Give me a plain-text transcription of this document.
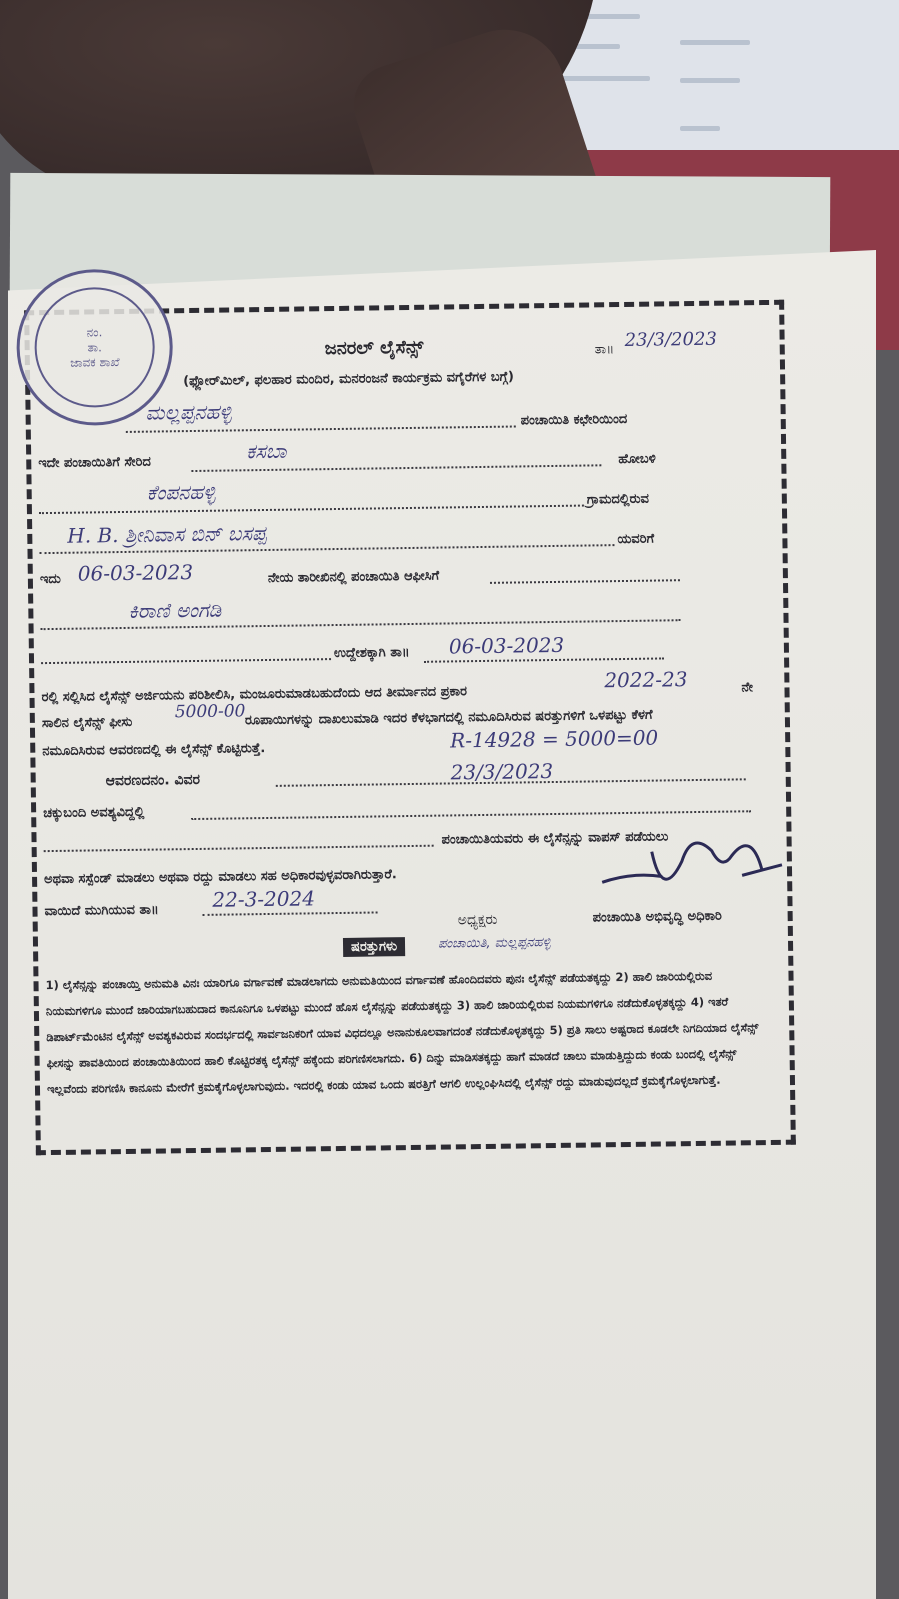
ನಂ.
ತಾ.
ಜಾವಕ ಶಾಖೆ
ಜನರಲ್ ಲೈಸೆನ್ಸ್	ತಾ॥ 23/3/2023
(ಫ್ಲೋರ್‌ಮಿಲ್, ಫಲಹಾರ ಮಂದಿರ, ಮನರಂಜನೆ ಕಾರ್ಯಕ್ರಮ ವಗೈರೆಗಳ ಬಗ್ಗೆ)
ಮಲ್ಲಪ್ಪನಹಳ್ಳಿ	ಪಂಚಾಯಿತಿ ಕಛೇರಿಯಿಂದ
ಇದೇ ಪಂಚಾಯಿತಿಗೆ ಸೇರಿದ	ಕಸಬಾ	ಹೋಬಳಿ
ಕೆಂಪನಹಳ್ಳಿ	ಗ್ರಾಮದಲ್ಲಿರುವ
H. B. ಶ್ರೀನಿವಾಸ ಬಿನ್ ಬಸಪ್ಪ	ಯವರಿಗೆ
ಇದು 06-03-2023	ನೇಯ ತಾರೀಖಿನಲ್ಲಿ ಪಂಚಾಯಿತಿ ಆಫೀಸಿಗೆ
ಕಿರಾಣಿ ಅಂಗಡಿ
ಉದ್ದೇಶಕ್ಕಾಗಿ ತಾ॥ 06-03-2023
ರಲ್ಲಿ ಸಲ್ಲಿಸಿದ ಲೈಸೆನ್ಸ್ ಅರ್ಜಿಯನು ಪರಿಶೀಲಿಸಿ, ಮಂಜೂರುಮಾಡಬಹುದೆಂದು ಆದ ತೀರ್ಮಾನದ ಪ್ರಕಾರ
2022-23	ನೇ
ಸಾಲಿನ ಲೈಸೆನ್ಸ್ ಫೀಸು
5000-00 ರೂಪಾಯಿಗಳನ್ನು ದಾಖಲುಮಾಡಿ ಇದರ ಕೆಳಭಾಗದಲ್ಲಿ ನಮೂದಿಸಿರುವ ಷರತ್ತುಗಳಿಗೆ ಒಳಪಟ್ಟು ಕೆಳಗೆ
ನಮೂದಿಸಿರುವ ಆವರಣದಲ್ಲಿ ಈ ಲೈಸೆನ್ಸ್ ಕೊಟ್ಟಿರುತ್ತೆ.	R-14928 = 5000=00
ಆವರಣದನಂ. ವಿವರ	23/3/2023
ಚಕ್ಕುಬಂದಿ ಅವಶ್ಯವಿದ್ದಲ್ಲಿ
ಪಂಚಾಯಿತಿಯವರು ಈ ಲೈಸೆನ್ಸನ್ನು ವಾಪಸ್ ಪಡೆಯಲು
ಅಥವಾ ಸಸ್ಪೆಂಡ್ ಮಾಡಲು ಅಥವಾ ರದ್ದು ಮಾಡಲು ಸಹ ಅಧಿಕಾರವುಳ್ಳವರಾಗಿರುತ್ತಾರೆ.
ವಾಯಿದೆ ಮುಗಿಯುವ ತಾ॥	22-3-2024
ಅಧ್ಯಕ್ಷರು	ಪಂಚಾಯಿತಿ ಅಭಿವೃದ್ಧಿ ಅಧಿಕಾರಿ
ಷರತ್ತುಗಳು	ಪಂಚಾಯಿತಿ, ಮಲ್ಲಪ್ಪನಹಳ್ಳಿ

1) ಲೈಸೆನ್ಸನ್ನು ಪಂಚಾಯ್ತಿ ಅನುಮತಿ ವಿನಃ ಯಾರಿಗೂ ವರ್ಗಾವಣೆ ಮಾಡಲಾಗದು ಅನುಮತಿಯಿಂದ ವರ್ಗಾವಣೆ ಹೊಂದಿದವರು ಪುನಃ ಲೈಸೆನ್ಸ್ ಪಡೆಯತಕ್ಕದ್ದು 2) ಹಾಲಿ ಜಾರಿಯಲ್ಲಿರುವ ನಿಯಮಗಳಿಗೂ ಮುಂದೆ ಜಾರಿಯಾಗಬಹುದಾದ ಕಾನೂನಿಗೂ ಒಳಪಟ್ಟು ಮುಂದೆ ಹೊಸ ಲೈಸೆನ್ಸನ್ನು ಪಡೆಯತಕ್ಕದ್ದು 3) ಹಾಲಿ ಜಾರಿಯಲ್ಲಿರುವ ನಿಯಮಗಳಿಗೂ ನಡೆದುಕೊಳ್ಳತಕ್ಕದ್ದು 4) ಇತರೆ ಡಿಪಾರ್ಟ್‌ಮೆಂಟಿನ ಲೈಸೆನ್ಸ್ ಅವಶ್ಯಕವಿರುವ ಸಂದರ್ಭದಲ್ಲಿ ಸಾರ್ವಜನಿಕರಿಗೆ ಯಾವ ವಿಧದಲ್ಲೂ ಅನಾನುಕೂಲವಾಗದಂತೆ ನಡೆದುಕೊಳ್ಳತಕ್ಕದ್ದು 5) ಪ್ರತಿ ಸಾಲು ಅಷ್ಟರಾದ ಕೂಡಲೇ ನಿಗದಿಯಾದ ಲೈಸೆನ್ಸ್ ಫೀಸನ್ನು ಪಾವತಿಯಿಂದ ಪಂಚಾಯಿತಿಯಿಂದ ಹಾಲಿ ಕೊಟ್ಟಿರತಕ್ಕ ಲೈಸೆನ್ಸ್ ಹಕ್ಕೆಂದು ಪರಿಗಣಿಸಲಾಗದು. 6) ದಿನ್ನು ಮಾಡಿಸತಕ್ಕದ್ದು ಹಾಗೆ ಮಾಡದೆ ಚಾಲು ಮಾಡುತ್ತಿದ್ದುದು ಕಂಡು ಬಂದಲ್ಲಿ ಲೈಸೆನ್ಸ್ ಇಲ್ಲವೆಂದು ಪರಿಗಣಿಸಿ ಕಾನೂನು ಮೇರೆಗೆ ಕ್ರಮಕೈಗೊಳ್ಳಲಾಗುವುದು. ಇದರಲ್ಲಿ ಕಂಡು ಯಾವ ಒಂದು ಷರತ್ತಿಗೆ ಆಗಲಿ ಉಲ್ಲಂಘಿಸಿದಲ್ಲಿ ಲೈಸೆನ್ಸ್ ರದ್ದು ಮಾಡುವುದಲ್ಲದೆ ಕ್ರಮಕೈಗೊಳ್ಳಲಾಗುತ್ತೆ.
